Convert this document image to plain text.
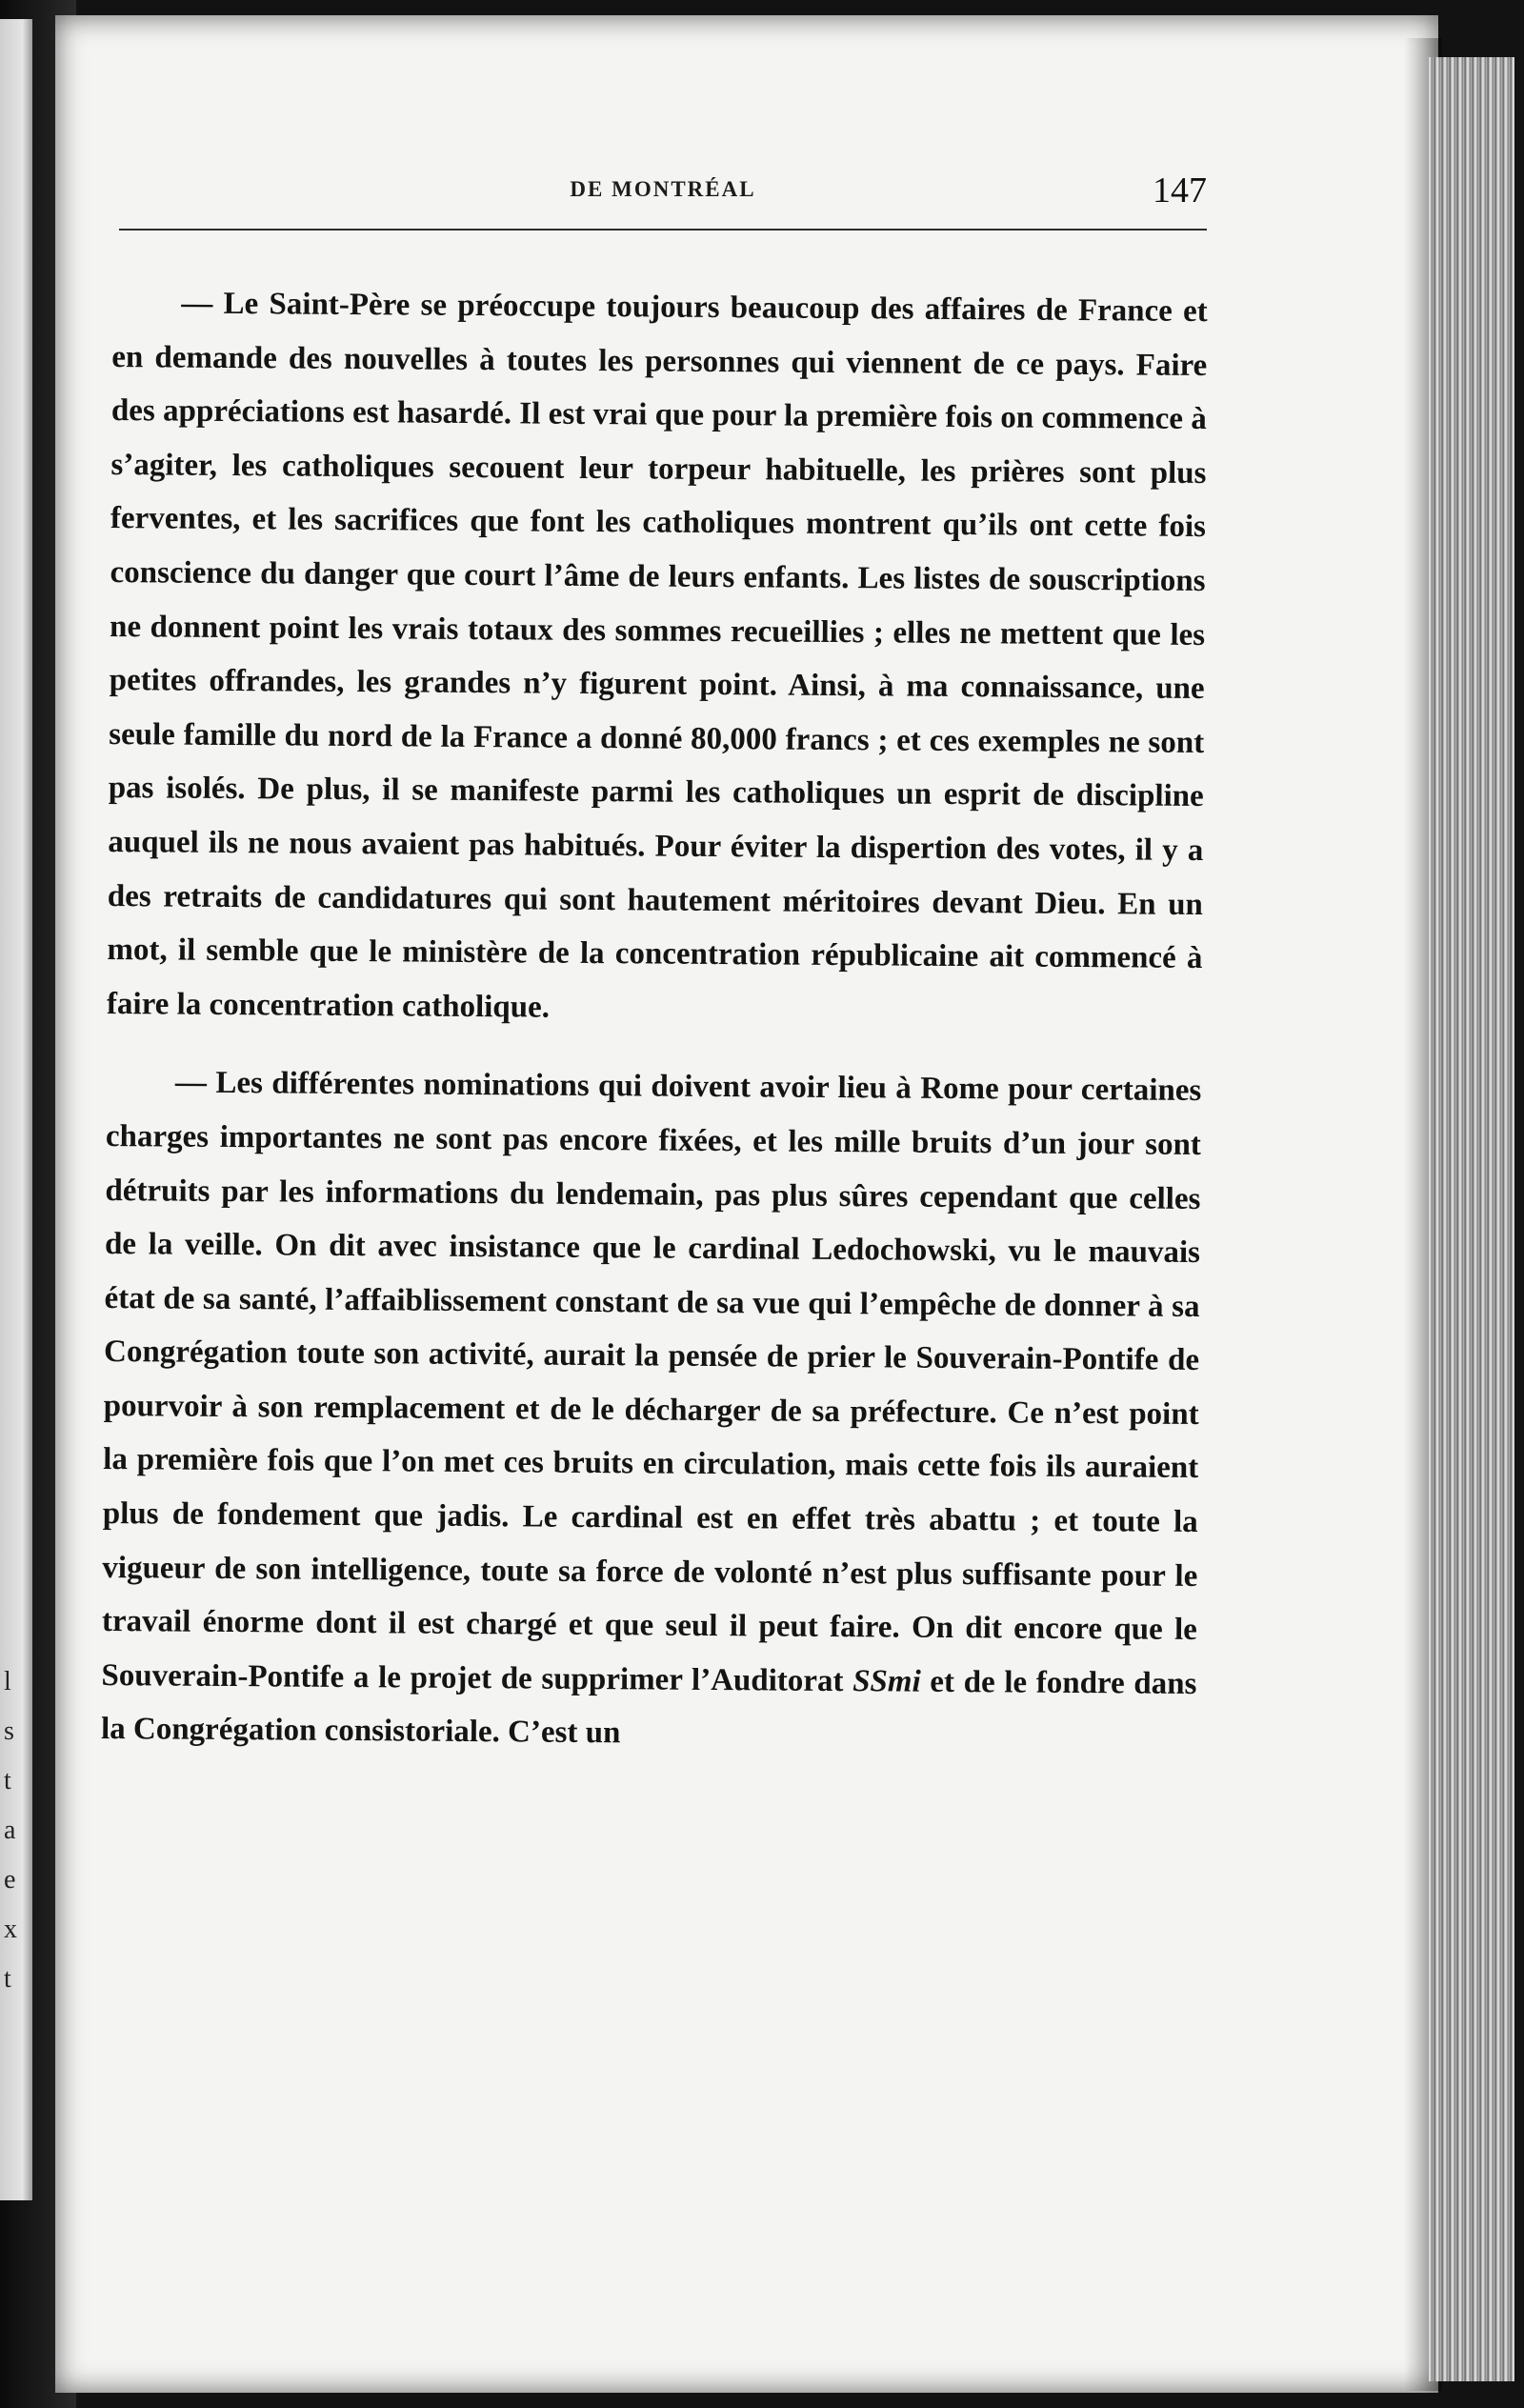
l
s
t
a
e
x
t
DE MONTRÉAL	147

— Le Saint-Père se préoccupe toujours beaucoup des affaires de France et en demande des nouvelles à toutes les personnes qui viennent de ce pays. Faire des appréciations est hasardé. Il est vrai que pour la première fois on commence à s’agiter, les catholiques secouent leur torpeur habituelle, les prières sont plus ferventes, et les sacrifices que font les catholiques montrent qu’ils ont cette fois conscience du danger que court l’âme de leurs enfants. Les listes de souscriptions ne donnent point les vrais totaux des sommes recueillies ; elles ne mettent que les petites offrandes, les grandes n’y figurent point. Ainsi, à ma connaissance, une seule famille du nord de la France a donné 80,000 francs ; et ces exemples ne sont pas isolés. De plus, il se manifeste parmi les catholiques un esprit de discipline auquel ils ne nous avaient pas habitués. Pour éviter la dispertion des votes, il y a des retraits de candidatures qui sont hautement méritoires devant Dieu. En un mot, il semble que le ministère de la concentration républicaine ait commencé à faire la concentration catholique.

— Les différentes nominations qui doivent avoir lieu à Rome pour certaines charges importantes ne sont pas encore fixées, et les mille bruits d’un jour sont détruits par les informations du lendemain, pas plus sûres cependant que celles de la veille. On dit avec insistance que le cardinal Ledochowski, vu le mauvais état de sa santé, l’affaiblissement constant de sa vue qui l’empêche de donner à sa Congrégation toute son activité, aurait la pensée de prier le Souverain-Pontife de pourvoir à son remplacement et de le décharger de sa préfecture. Ce n’est point la première fois que l’on met ces bruits en circulation, mais cette fois ils auraient plus de fondement que jadis. Le cardinal est en effet très abattu ; et toute la vigueur de son intelligence, toute sa force de volonté n’est plus suffisante pour le travail énorme dont il est chargé et que seul il peut faire. On dit encore que le Souverain-Pontife a le projet de supprimer l’Auditorat SSmi et de le fondre dans la Congrégation consistoriale. C’est un
